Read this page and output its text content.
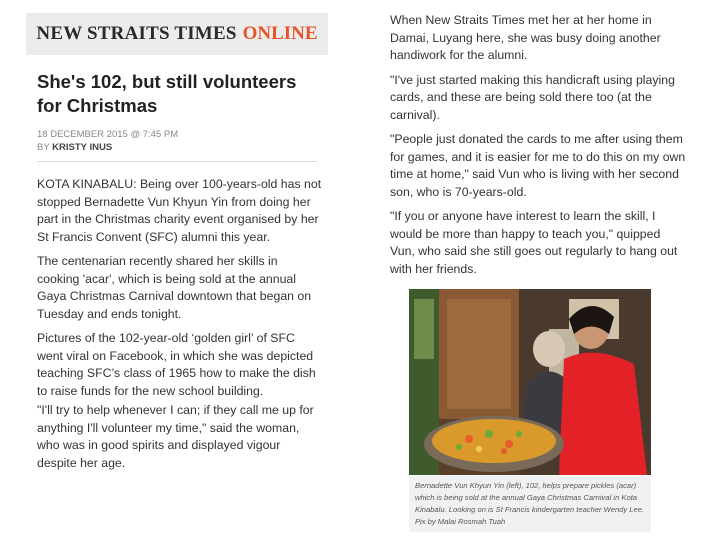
NEW STRAITS TIMES ONLINE
She's 102, but still volunteers for Christmas
18 DECEMBER 2015 @ 7:45 PM
BY KRISTY INUS

KOTA KINABALU: Being over 100-years-old has not stopped Bernadette Vun Khyun Yin from doing her part in the Christmas charity event organised by her St Francis Convent (SFC) alumni this year.

The centenarian recently shared her skills in cooking 'acar', which is being sold at the annual Gaya Christmas Carnival downtown that began on Tuesday and ends tonight.

Pictures of the 102-year-old ‘golden girl’ of SFC went viral on Facebook, in which she was depicted teaching SFC’s class of 1965 how to make the dish to raise funds for the new school building.

"I'll try to help whenever I can; if they call me up for anything I'll volunteer my time," said the woman, who was in good spirits and displayed vigour despite her age.

When New Straits Times met her at her home in Damai, Luyang here, she was busy doing another handiwork for the alumni.

"I've just started making this handicraft using playing cards, and these are being sold there too (at the carnival).

"People just donated the cards to me after using them for games, and it is easier for me to do this on my own time at home," said Vun who is living with her second son, who is 70-years-old.

"If you or anyone have interest to learn the skill, I would be more than happy to teach you," quipped Vun, who said she still goes out regularly to hang out with her friends.

Bernadette Vun Khyun Yin (left), 102, helps prepare pickles (acar) which is being sold at the annual Gaya Christmas Carnival in Kota Kinabalu. Looking on is St Francis kindergarten teacher Wendy Lee. Pix by Malai Rosmah Tuah
